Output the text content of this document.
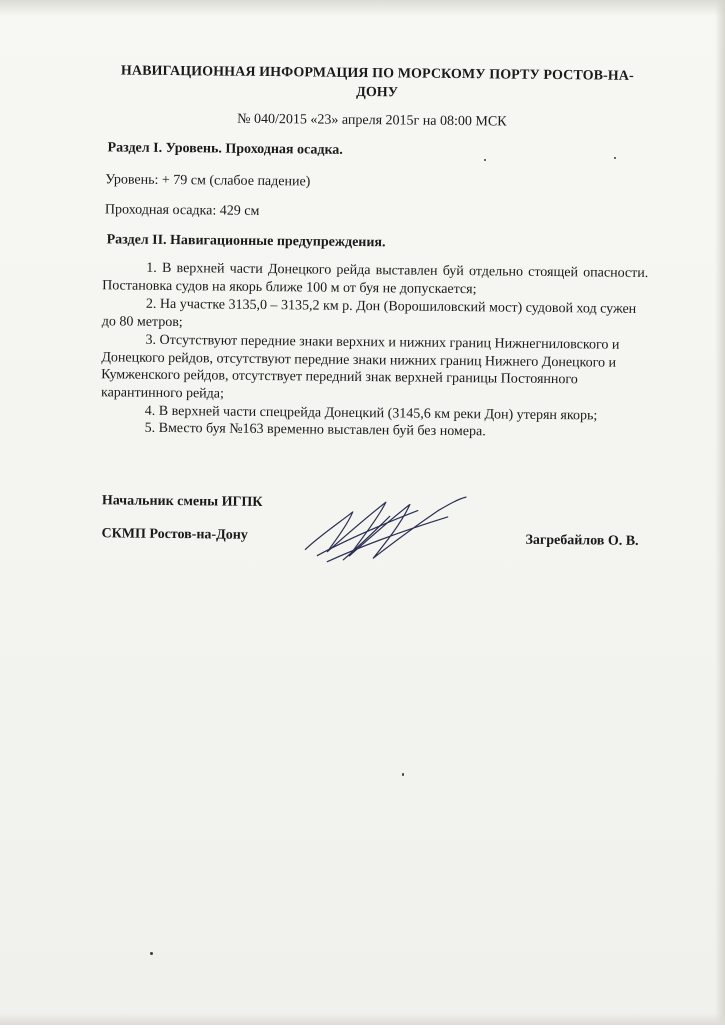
НАВИГАЦИОННАЯ ИНФОРМАЦИЯ ПО МОРСКОМУ ПОРТУ РОСТОВ-НА-ДОНУ
№ 040/2015 «23» апреля 2015г на 08:00 МСК
Раздел I. Уровень. Проходная осадка.
Уровень: + 79 см (слабое падение)
Проходная осадка: 429 см
Раздел II. Навигационные предупреждения.

1. В верхней части Донецкого рейда выставлен буй отдельно стоящей опасности. Постановка судов на якорь ближе 100 м от буя не допускается;

2. На участке 3135,0 – 3135,2 км р. Дон (Ворошиловский мост) судовой ход сужен до 80 метров;

3. Отсутствуют передние знаки верхних и нижних границ Нижнегниловского и Донецкого рейдов, отсутствуют передние знаки нижних границ Нижнего Донецкого и Кумженского рейдов, отсутствует передний знак верхней границы Постоянного карантинного рейда;

4. В верхней части спецрейда Донецкий (3145,6 км реки Дон) утерян якорь;

5. Вместо буя №163 временно выставлен буй без номера.

Начальник смены ИГПК
СКМП Ростов-на-Дону	Загребайлов О. В.
